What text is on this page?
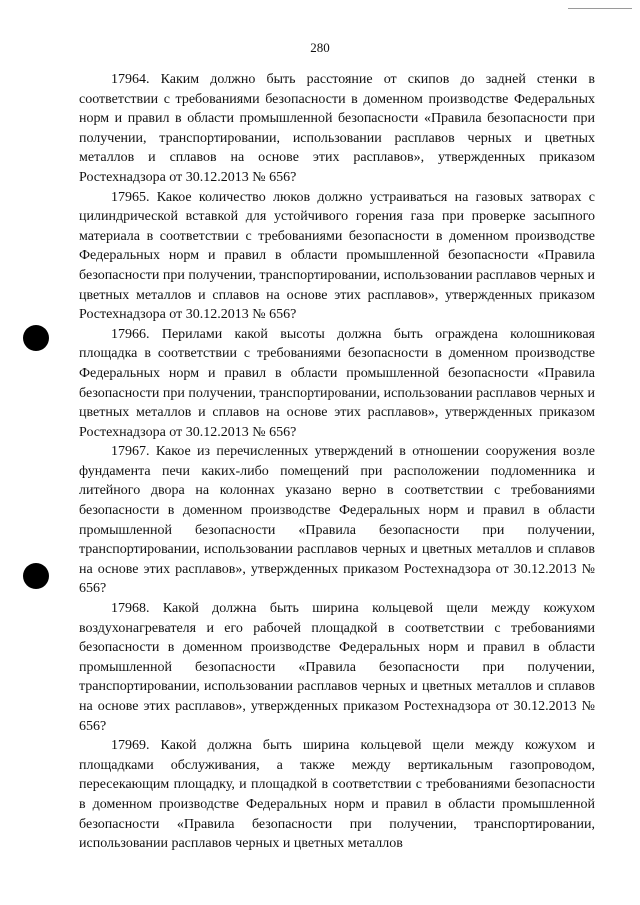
280

17964. Каким должно быть расстояние от скипов до задней стенки в соответствии с требованиями безопасности в доменном производстве Федеральных норм и правил в области промышленной безопасности «Правила безопасности при получении, транспортировании, использовании расплавов черных и цветных металлов и сплавов на основе этих расплавов», утвержденных приказом Ростехнадзора от 30.12.2013 № 656?

17965. Какое количество люков должно устраиваться на газовых затворах с цилиндрической вставкой для устойчивого горения газа при проверке засыпного материала в соответствии с требованиями безопасности в доменном производстве Федеральных норм и правил в области промышленной безопасности «Правила безопасности при получении, транспортировании, использовании расплавов черных и цветных металлов и сплавов на основе этих расплавов», утвержденных приказом Ростехнадзора от 30.12.2013 № 656?

17966. Перилами какой высоты должна быть ограждена колошниковая площадка в соответствии с требованиями безопасности в доменном производстве Федеральных норм и правил в области промышленной безопасности «Правила безопасности при получении, транспортировании, использовании расплавов черных и цветных металлов и сплавов на основе этих расплавов», утвержденных приказом Ростехнадзора от 30.12.2013 № 656?

17967. Какое из перечисленных утверждений в отношении сооружения возле фундамента печи каких-либо помещений при расположении подломенника и литейного двора на колоннах указано верно в соответствии с требованиями безопасности в доменном производстве Федеральных норм и правил в области промышленной безопасности «Правила безопасности при получении, транспортировании, использовании расплавов черных и цветных металлов и сплавов на основе этих расплавов», утвержденных приказом Ростехнадзора от 30.12.2013 № 656?

17968. Какой должна быть ширина кольцевой щели между кожухом воздухонагревателя и его рабочей площадкой в соответствии с требованиями безопасности в доменном производстве Федеральных норм и правил в области промышленной безопасности «Правила безопасности при получении, транспортировании, использовании расплавов черных и цветных металлов и сплавов на основе этих расплавов», утвержденных приказом Ростехнадзора от 30.12.2013 № 656?

17969. Какой должна быть ширина кольцевой щели между кожухом и площадками обслуживания, а также между вертикальным газопроводом, пересекающим площадку, и площадкой в соответствии с требованиями безопасности в доменном производстве Федеральных норм и правил в области промышленной безопасности «Правила безопасности при получении, транспортировании, использовании расплавов черных и цветных металлов
